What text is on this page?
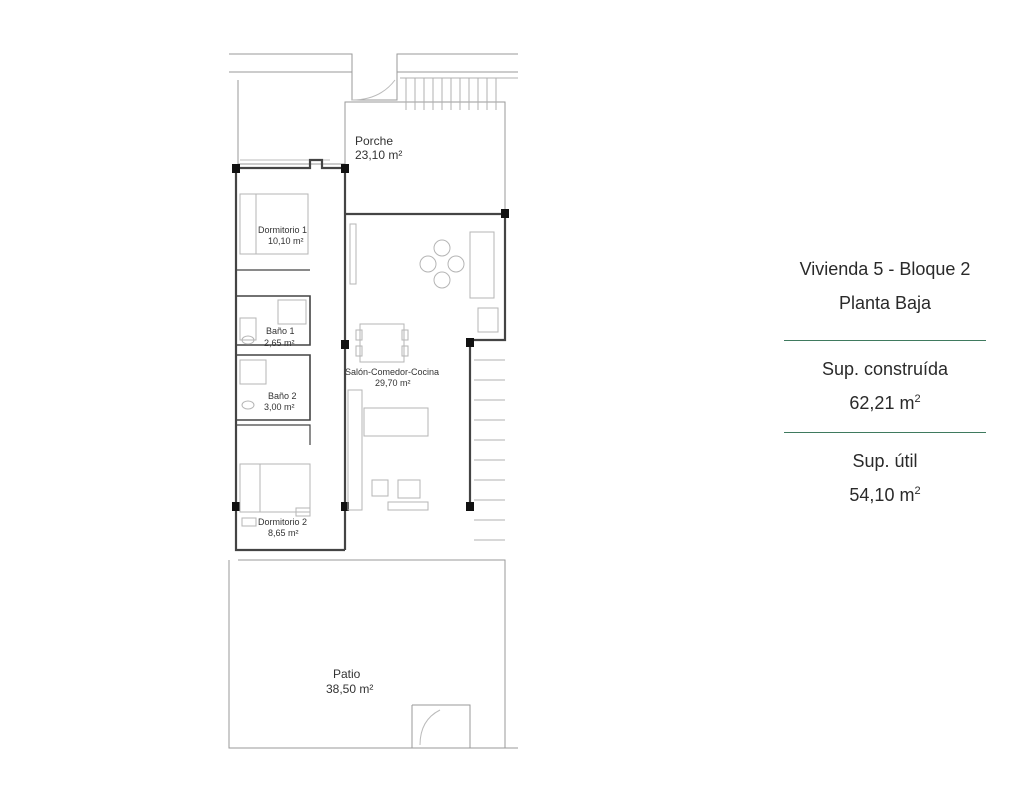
Porche
23,10 m²
Dormitorio 1
10,10 m²
Baño 1
2,65 m²
Salón-Comedor-Cocina
29,70 m²
Baño 2
3,00 m²
Dormitorio 2
8,65 m²
Patio
38,50 m²
Vivienda 5 - Bloque 2
Planta Baja
Sup. construída
62,21 $m^2$
Sup. útil
54,10 $m^2$
